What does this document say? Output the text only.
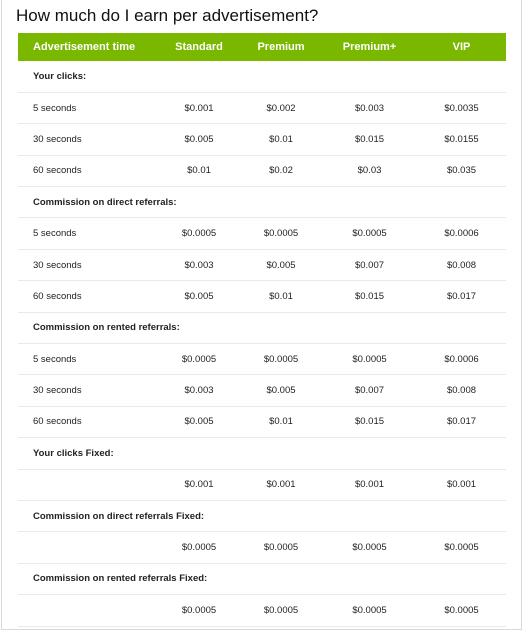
How much do I earn per advertisement?
Advertisement time	Standard	Premium	Premium+	VIP
Your clicks:				
5 seconds	$0.001	$0.002	$0.003	$0.0035
30 seconds	$0.005	$0.01	$0.015	$0.0155
60 seconds	$0.01	$0.02	$0.03	$0.035
Commission on direct referrals:				
5 seconds	$0.0005	$0.0005	$0.0005	$0.0006
30 seconds	$0.003	$0.005	$0.007	$0.008
60 seconds	$0.005	$0.01	$0.015	$0.017
Commission on rented referrals:				
5 seconds	$0.0005	$0.0005	$0.0005	$0.0006
30 seconds	$0.003	$0.005	$0.007	$0.008
60 seconds	$0.005	$0.01	$0.015	$0.017
Your clicks Fixed:				
	$0.001	$0.001	$0.001	$0.001
Commission on direct referrals Fixed:				
	$0.0005	$0.0005	$0.0005	$0.0005
Commission on rented referrals Fixed:				
	$0.0005	$0.0005	$0.0005	$0.0005
